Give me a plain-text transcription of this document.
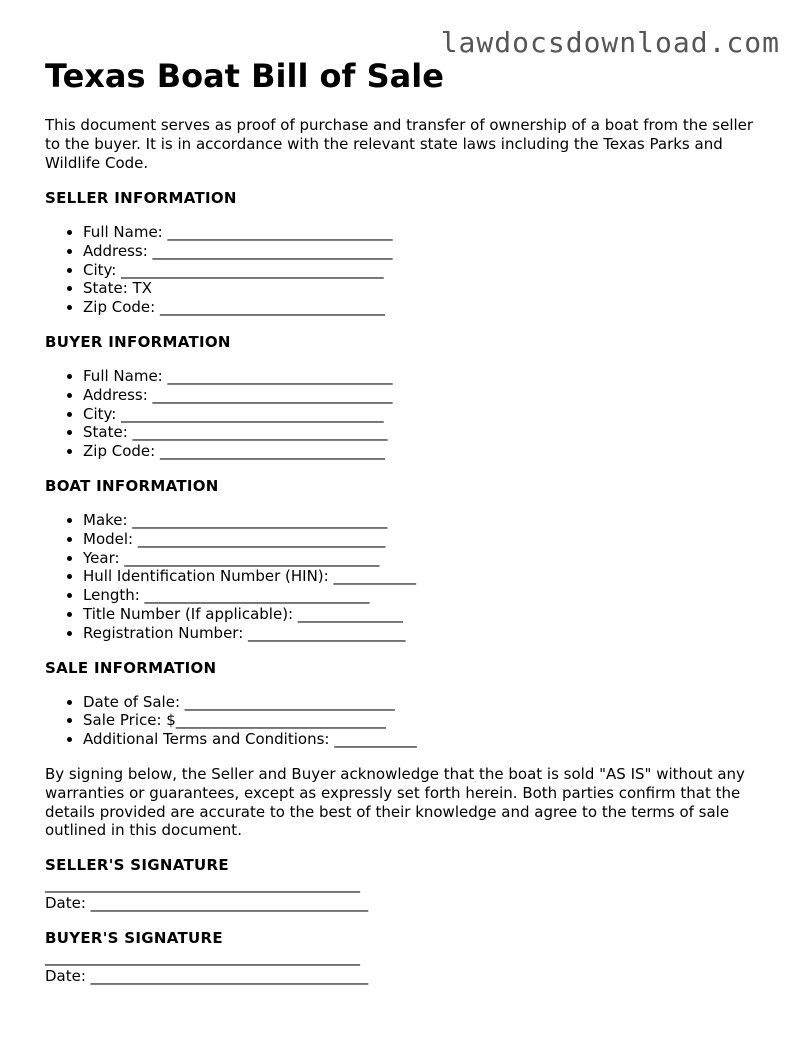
lawdocsdownload.com
Texas Boat Bill of Sale

This document serves as proof of purchase and transfer of ownership of a boat from the seller to the buyer. It is in accordance with the relevant state laws including the Texas Parks and Wildlife Code.

SELLER INFORMATION
• Full Name: ______________________________
• Address: ________________________________
• City: ___________________________________
• State: TX
• Zip Code: ______________________________
BUYER INFORMATION
• Full Name: ______________________________
• Address: ________________________________
• City: ___________________________________
• State: __________________________________
• Zip Code: ______________________________
BOAT INFORMATION
• Make: __________________________________
• Model: _________________________________
• Year: __________________________________
• Hull Identification Number (HIN): ___________
• Length: ______________________________
• Title Number (If applicable): ______________
• Registration Number: _____________________
SALE INFORMATION
• Date of Sale: ____________________________
• Sale Price: $____________________________
• Additional Terms and Conditions: ___________

By signing below, the Seller and Buyer acknowledge that the boat is sold "AS IS" without any warranties or guarantees, except as expressly set forth herein. Both parties confirm that the details provided are accurate to the best of their knowledge and agree to the terms of sale outlined in this document.

SELLER'S SIGNATURE
__________________________________________
Date: _____________________________________
BUYER'S SIGNATURE
__________________________________________
Date: _____________________________________
